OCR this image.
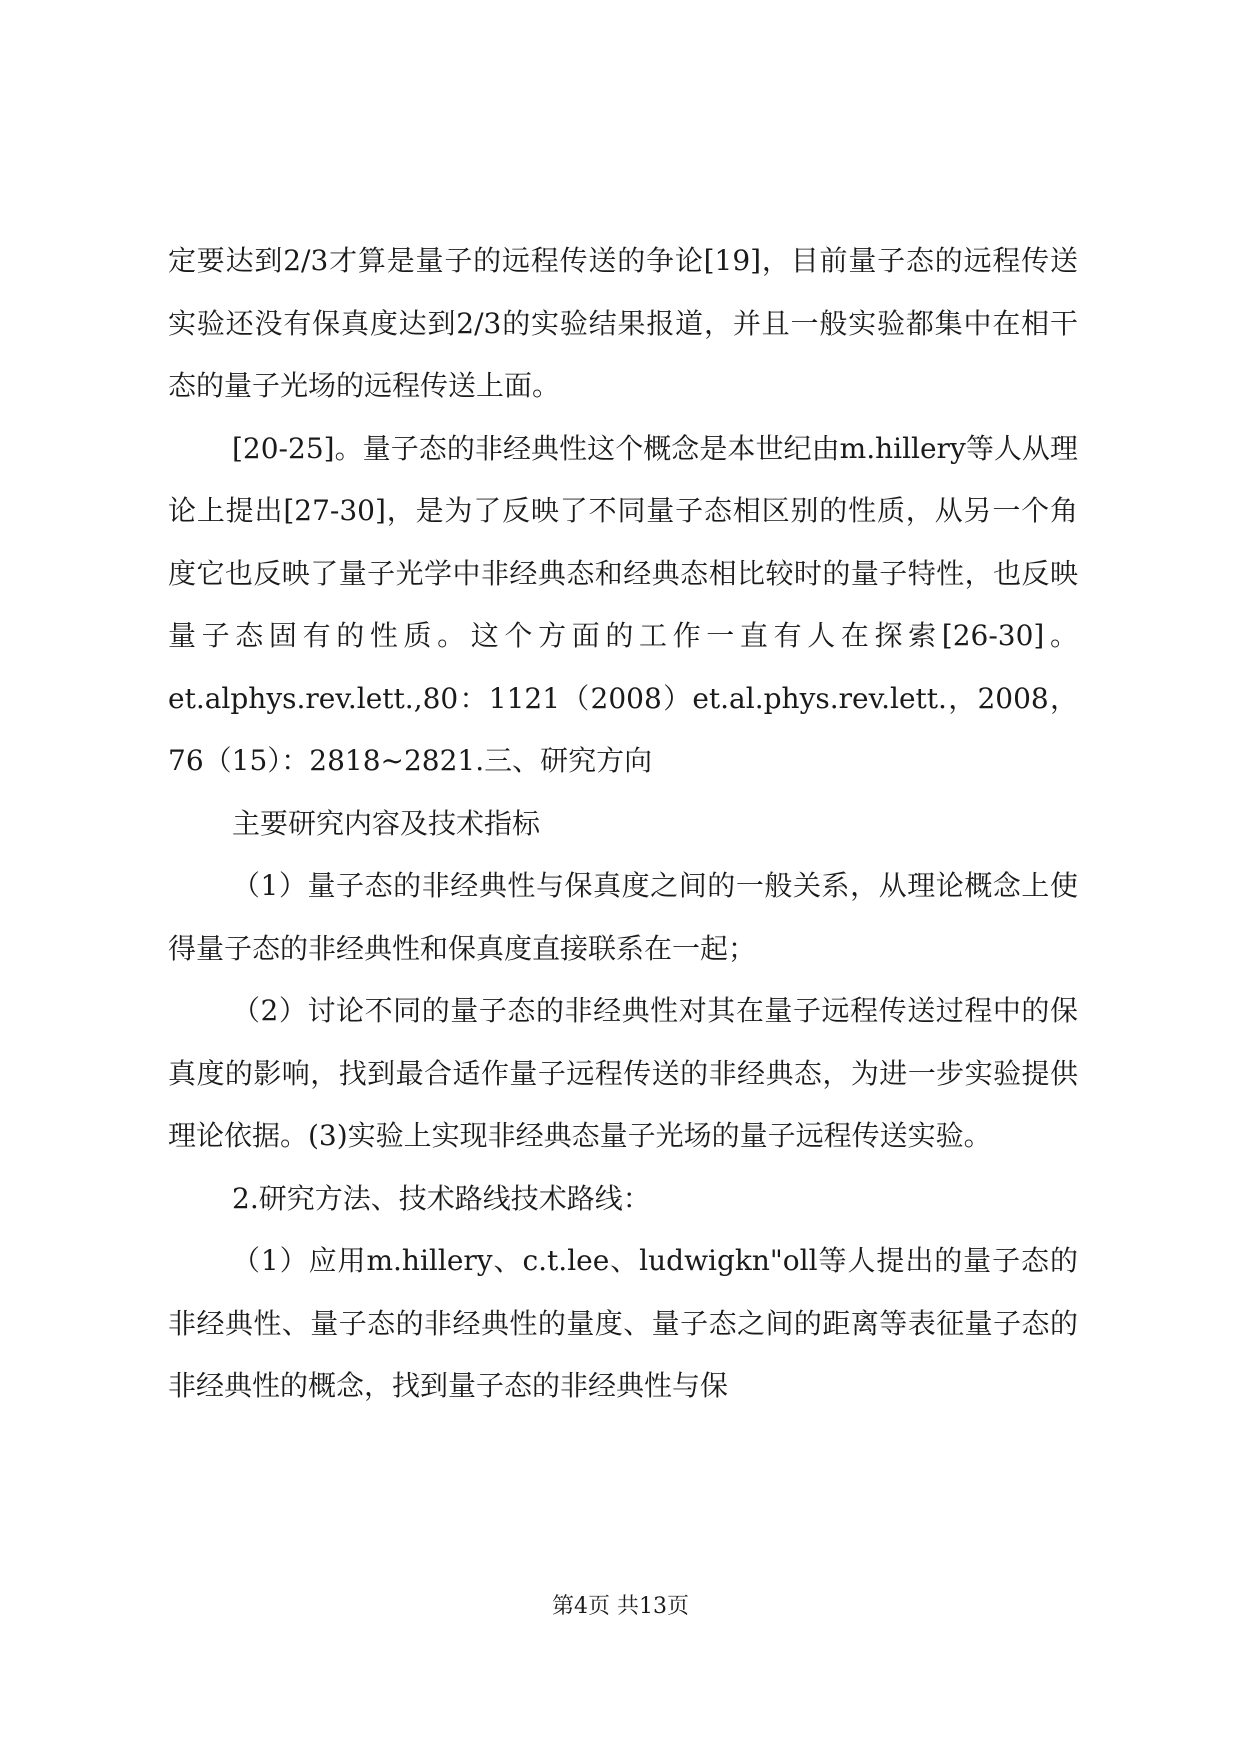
定要达到2/3才算是量子的远程传送的争论[19]，目前量子态的远程传送实验还没有保真度达到2/3的实验结果报道，并且一般实验都集中在相干态的量子光场的远程传送上面。

[20-25]。量子态的非经典性这个概念是本世纪由m.hillery等人从理论上提出[27-30]，是为了反映了不同量子态相区别的性质，从另一个角度它也反映了量子光学中非经典态和经典态相比较时的量子特性，也反映量子态固有的性质。这个方面的工作一直有人在探索[26-30]。et.alphys.rev.lett.,80：1121（2008）et.al.phys.rev.lett.，2008，76（15）：2818~2821.三、研究方向

主要研究内容及技术指标

（1）量子态的非经典性与保真度之间的一般关系，从理论概念上使得量子态的非经典性和保真度直接联系在一起；

（2）讨论不同的量子态的非经典性对其在量子远程传送过程中的保真度的影响，找到最合适作量子远程传送的非经典态，为进一步实验提供理论依据。(3)实验上实现非经典态量子光场的量子远程传送实验。

2.研究方法、技术路线技术路线：

（1）应用m.hillery、c.t.lee、ludwigkn"oll等人提出的量子态的非经典性、量子态的非经典性的量度、量子态之间的距离等表征量子态的非经典性的概念，找到量子态的非经典性与保

第4页 共13页
